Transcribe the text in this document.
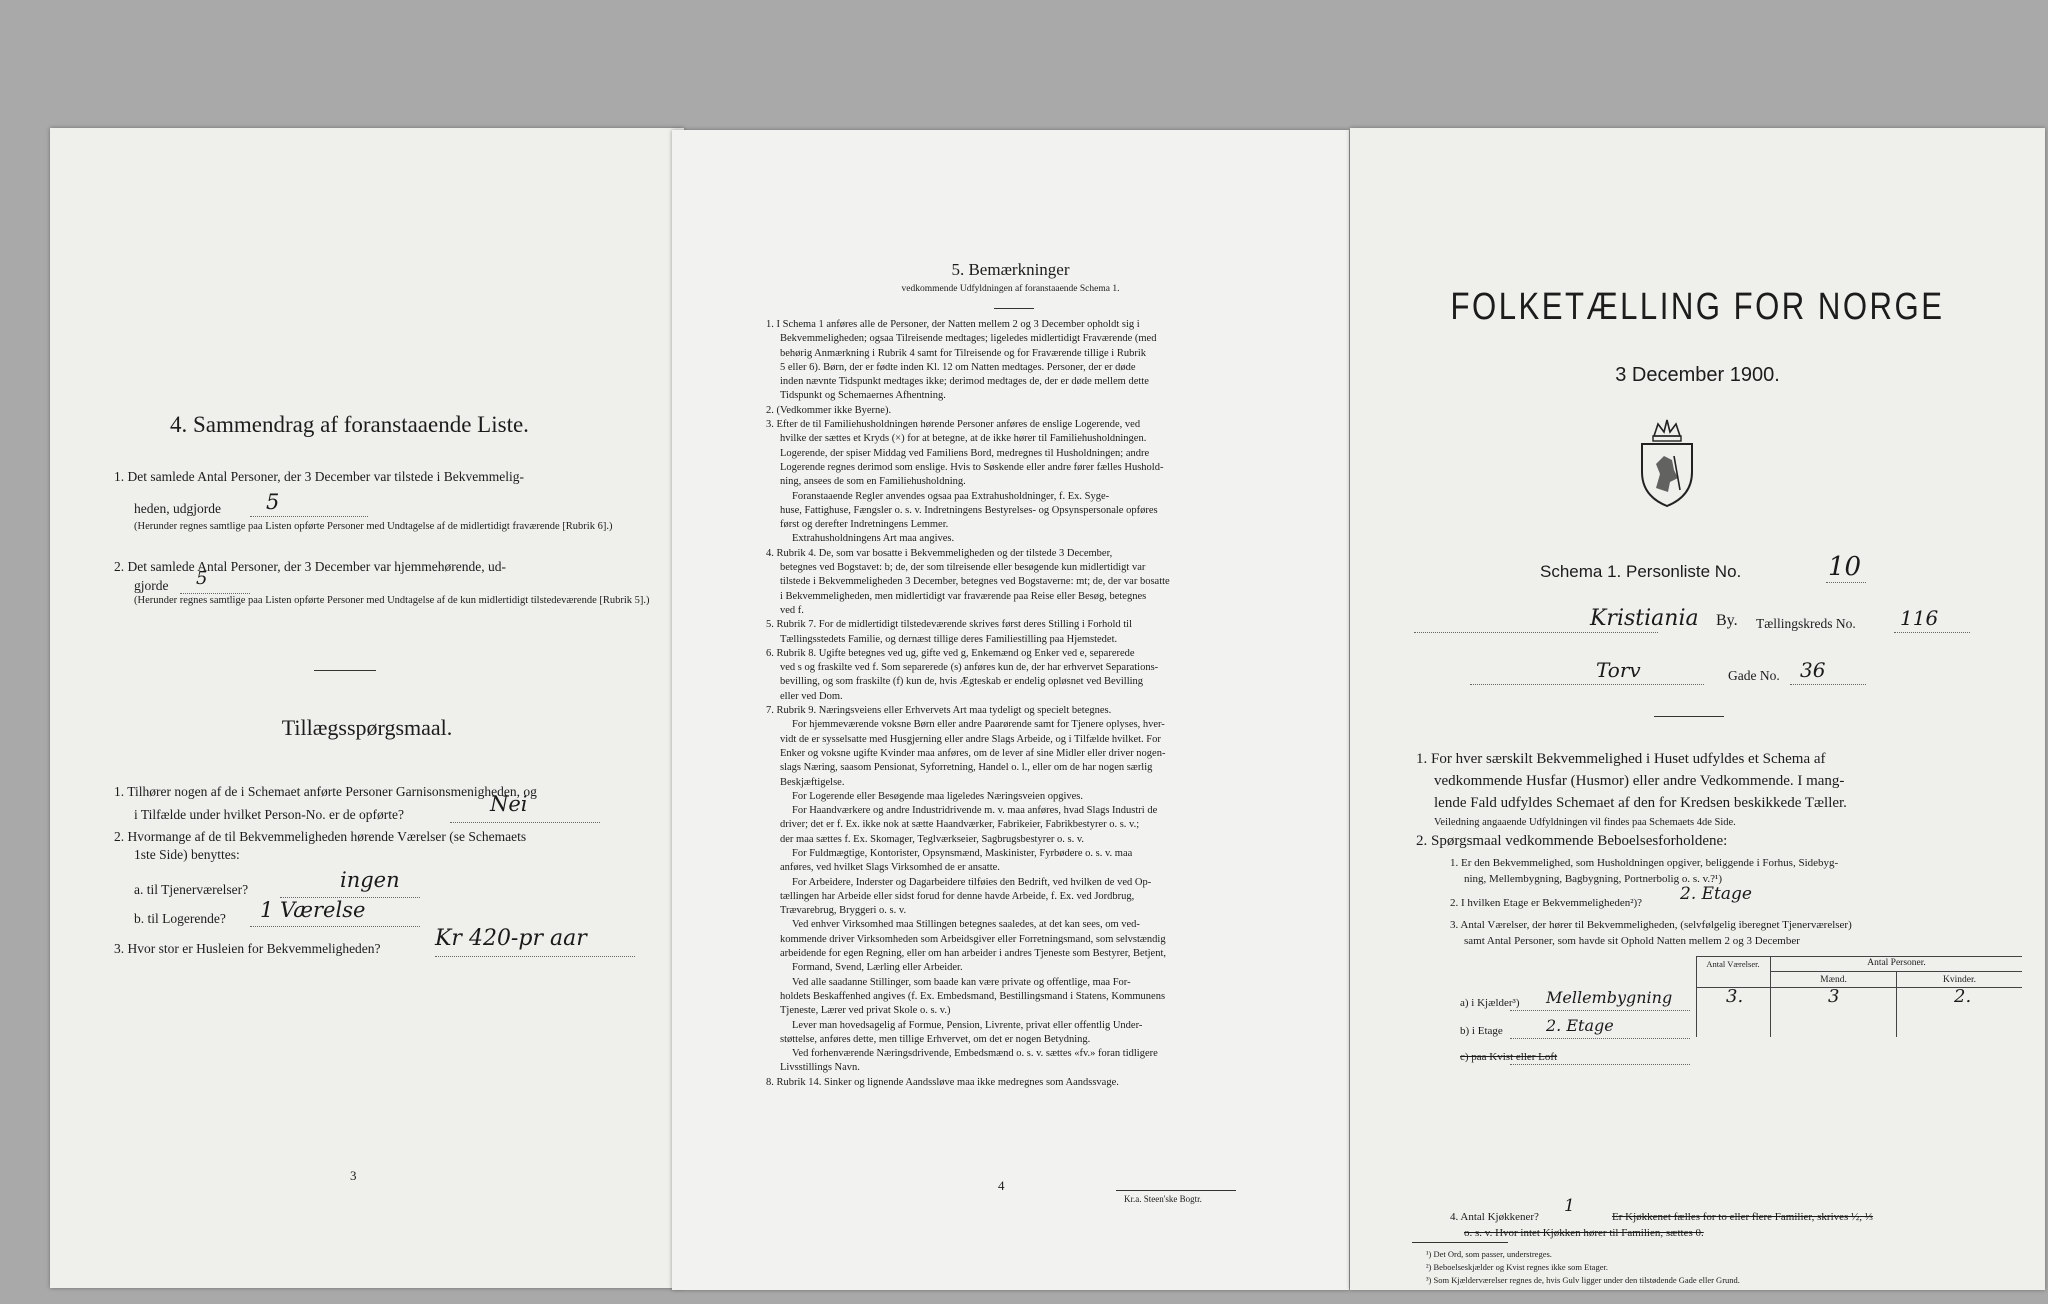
4. Sammendrag af foranstaaende Liste.
1. Det samlede Antal Personer, der 3 December var tilstede i Bekvemmelig-
heden, udgjorde 5
(Herunder regnes samtlige paa Listen opførte Personer med Undtagelse af de midlertidigt fraværende [Rubrik 6].)
2. Det samlede Antal Personer, der 3 December var hjemmehørende, ud-
gjorde 5
(Herunder regnes samtlige paa Listen opførte Personer med Undtagelse af de kun midlertidigt tilstedeværende [Rubrik 5].)
Tillægsspørgsmaal.
1. Tilhører nogen af de i Schemaet anførte Personer Garnisonsmenigheden, og
i Tilfælde under hvilket Person-No. er de opførte?	Nei
2. Hvormange af de til Bekvemmeligheden hørende Værelser (se Schemaets
1ste Side) benyttes:
a. til Tjenerværelser?	ingen
b. til Logerende? 1 Værelse
3. Hvor stor er Husleien for Bekvemmeligheden? Kr 420-pr aar
3
5. Bemærkninger
vedkommende Udfyldningen af foranstaaende Schema 1.
1. I Schema 1 anføres alle de Personer, der Natten mellem 2 og 3 December opholdt sig i
Bekvemmeligheden; ogsaa Tilreisende medtages; ligeledes midlertidigt Fraværende (med
behørig Anmærkning i Rubrik 4 samt for Tilreisende og for Fraværende tillige i Rubrik
5 eller 6). Børn, der er fødte inden Kl. 12 om Natten medtages. Personer, der er døde
inden nævnte Tidspunkt medtages ikke; derimod medtages de, der er døde mellem dette
Tidspunkt og Schemaernes Afhentning.
2. (Vedkommer ikke Byerne).
3. Efter de til Familiehusholdningen hørende Personer anføres de enslige Logerende, ved
hvilke der sættes et Kryds (×) for at betegne, at de ikke hører til Familiehusholdningen.
Logerende, der spiser Middag ved Familiens Bord, medregnes til Husholdningen; andre
Logerende regnes derimod som enslige. Hvis to Søskende eller andre fører fælles Hushold-
ning, ansees de som en Familiehusholdning.
Foranstaaende Regler anvendes ogsaa paa Extrahusholdninger, f. Ex. Syge-
huse, Fattighuse, Fængsler o. s. v. Indretningens Bestyrelses- og Opsynspersonale opføres
først og derefter Indretningens Lemmer.
Extrahusholdningens Art maa angives.
4. Rubrik 4. De, som var bosatte i Bekvemmeligheden og der tilstede 3 December,
betegnes ved Bogstavet: b; de, der som tilreisende eller besøgende kun midlertidigt var
tilstede i Bekvemmeligheden 3 December, betegnes ved Bogstaverne: mt; de, der var bosatte
i Bekvemmeligheden, men midlertidigt var fraværende paa Reise eller Besøg, betegnes
ved f.
5. Rubrik 7. For de midlertidigt tilstedeværende skrives først deres Stilling i Forhold til
Tællingsstedets Familie, og dernæst tillige deres Familiestilling paa Hjemstedet.
6. Rubrik 8. Ugifte betegnes ved ug, gifte ved g, Enkemænd og Enker ved e, separerede
ved s og fraskilte ved f. Som separerede (s) anføres kun de, der har erhvervet Separations-
bevilling, og som fraskilte (f) kun de, hvis Ægteskab er endelig opløsnet ved Bevilling
eller ved Dom.
7. Rubrik 9. Næringsveiens eller Erhvervets Art maa tydeligt og specielt betegnes.
For hjemmeværende voksne Børn eller andre Paarørende samt for Tjenere oplyses, hver-
vidt de er sysselsatte med Husgjerning eller andre Slags Arbeide, og i Tilfælde hvilket. For
Enker og voksne ugifte Kvinder maa anføres, om de lever af sine Midler eller driver nogen-
slags Næring, saasom Pensionat, Syforretning, Handel o. l., eller om de har nogen særlig
Beskjæftigelse.
For Logerende eller Besøgende maa ligeledes Næringsveien opgives.
For Haandværkere og andre Industridrivende m. v. maa anføres, hvad Slags Industri de
driver; det er f. Ex. ikke nok at sætte Haandværker, Fabrikeier, Fabrikbestyrer o. s. v.;
der maa sættes f. Ex. Skomager, Teglværkseier, Sagbrugsbestyrer o. s. v.
For Fuldmægtige, Kontorister, Opsynsmænd, Maskinister, Fyrbødere o. s. v. maa
anføres, ved hvilket Slags Virksomhed de er ansatte.
For Arbeidere, Inderster og Dagarbeidere tilføies den Bedrift, ved hvilken de ved Op-
tællingen har Arbeide eller sidst forud for denne havde Arbeide, f. Ex. ved Jordbrug,
Trævarebrug, Bryggeri o. s. v.
Ved enhver Virksomhed maa Stillingen betegnes saaledes, at det kan sees, om ved-
kommende driver Virksomheden som Arbeidsgiver eller Forretningsmand, som selvstændig
arbeidende for egen Regning, eller om han arbeider i andres Tjeneste som Bestyrer, Betjent,
Formand, Svend, Lærling eller Arbeider.
Ved alle saadanne Stillinger, som baade kan være private og offentlige, maa For-
holdets Beskaffenhed angives (f. Ex. Embedsmand, Bestillingsmand i Statens, Kommunens
Tjeneste, Lærer ved privat Skole o. s. v.)
Lever man hovedsagelig af Formue, Pension, Livrente, privat eller offentlig Under-
støttelse, anføres dette, men tillige Erhvervet, om det er nogen Betydning.
Ved forhenværende Næringsdrivende, Embedsmænd o. s. v. sættes «fv.» foran tidligere
Livsstillings Navn.
8. Rubrik 14. Sinker og lignende Aandssløve maa ikke medregnes som Aandssvage.
4
Kr.a. Steen'ske Bogtr.
FOLKETÆLLING FOR NORGE
3 December 1900.
Schema 1. Personliste No.	10
Kristiania By. Tællingskreds No. 116
Torv	Gade No. 36
1. For hver særskilt Bekvemmelighed i Huset udfyldes et Schema af
vedkommende Husfar (Husmor) eller andre Vedkommende. I mang-
lende Fald udfyldes Schemaet af den for Kredsen beskikkede Tæller.
Veiledning angaaende Udfyldningen vil findes paa Schemaets 4de Side.
2. Spørgsmaal vedkommende Beboelsesforholdene:
1. Er den Bekvemmelighed, som Husholdningen opgiver, beliggende i Forhus, Sidebyg-
ning, Mellembygning, Bagbygning, Portnerbolig o. s. v.?¹)
2. I hvilken Etage er Bekvemmeligheden²)? 2. Etage
3. Antal Værelser, der hører til Bekvemmeligheden, (selvfølgelig iberegnet Tjenerværelser)
samt Antal Personer, som havde sit Ophold Natten mellem 2 og 3 December
Antal Værelser.	Antal Personer.
Mænd.	Kvinder.
a) i Kjælder³) Mellembygning	3.	3	2.
b) i Etage	2. Etage
c) paa Kvist eller Loft
4. Antal Kjøkkener?
1
Er Kjøkkenet fælles for to eller flere Familier, skrives ½, ⅓
o. s. v. Hvor intet Kjøkken hører til Familien, sættes 0.
¹) Det Ord, som passer, understreges.
²) Beboelseskjælder og Kvist regnes ikke som Etager.
³) Som Kjælderværelser regnes de, hvis Gulv ligger under den tilstødende Gade eller Grund.
